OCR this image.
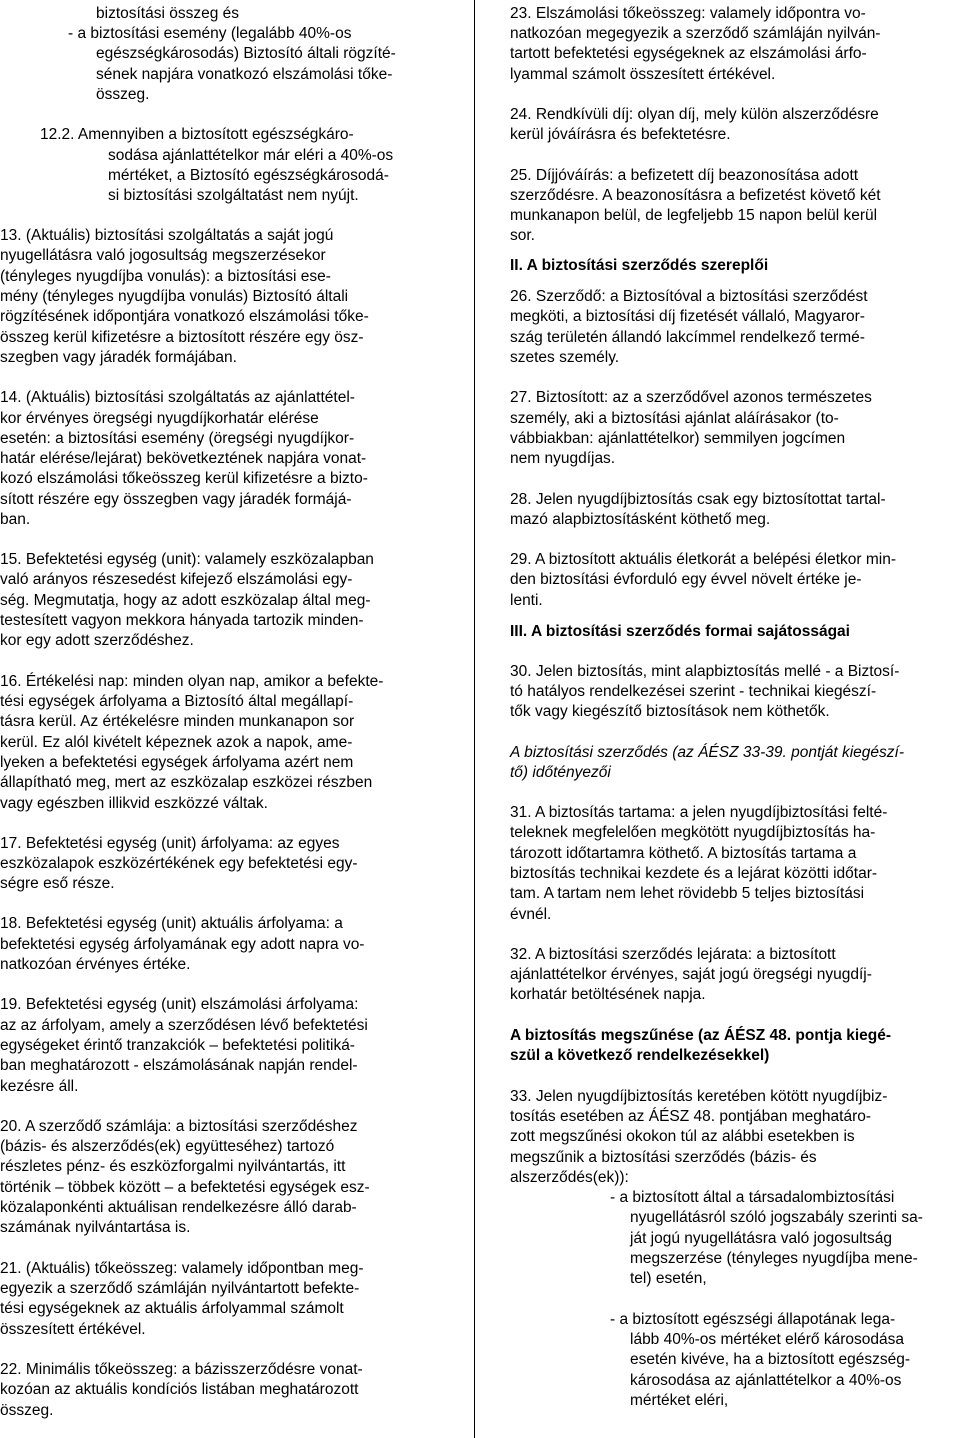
biztosítási összeg és
- a biztosítási esemény (legalább 40%-os
egészségkárosodás) Biztosító általi rögzíté-
sének napjára vonatkozó elszámolási tőke-
összeg.
12.2. Amennyiben a biztosított egészségkáro-
sodása ajánlattételkor már eléri a 40%-os
mértéket, a Biztosító egészségkárosodá-
si biztosítási szolgáltatást nem nyújt.
13. (Aktuális) biztosítási szolgáltatás a saját jogú
nyugellátásra való jogosultság megszerzésekor
(tényleges nyugdíjba vonulás): a biztosítási ese-
mény (tényleges nyugdíjba vonulás) Biztosító általi
rögzítésének időpontjára vonatkozó elszámolási tőke-
összeg kerül kifizetésre a biztosított részére egy ösz-
szegben vagy járadék formájában.
14. (Aktuális) biztosítási szolgáltatás az ajánlattétel-
kor érvényes öregségi nyugdíjkorhatár elérése
esetén: a biztosítási esemény (öregségi nyugdíjkor-
határ elérése/lejárat) bekövetkeztének napjára vonat-
kozó elszámolási tőkeösszeg kerül kifizetésre a bizto-
sított részére egy összegben vagy járadék formájá-
ban.
15. Befektetési egység (unit): valamely eszközalapban
való arányos részesedést kifejező elszámolási egy-
ség. Megmutatja, hogy az adott eszközalap által meg-
testesített vagyon mekkora hányada tartozik minden-
kor egy adott szerződéshez.
16. Értékelési nap: minden olyan nap, amikor a befekte-
tési egységek árfolyama a Biztosító által megállapí-
tásra kerül. Az értékelésre minden munkanapon sor
kerül. Ez alól kivételt képeznek azok a napok, ame-
lyeken a befektetési egységek árfolyama azért nem
állapítható meg, mert az eszközalap eszközei részben
vagy egészben illikvid eszközzé váltak.
17. Befektetési egység (unit) árfolyama: az egyes
eszközalapok eszközértékének egy befektetési egy-
ségre eső része.
18. Befektetési egység (unit) aktuális árfolyama: a
befektetési egység árfolyamának egy adott napra vo-
natkozóan érvényes értéke.
19. Befektetési egység (unit) elszámolási árfolyama:
az az árfolyam, amely a szerződésen lévő befektetési
egységeket érintő tranzakciók – befektetési politiká-
ban meghatározott - elszámolásának napján rendel-
kezésre áll.
20. A szerződő számlája: a biztosítási szerződéshez
(bázis- és alszerződés(ek) együtteséhez) tartozó
részletes pénz- és eszközforgalmi nyilvántartás, itt
történik – többek között – a befektetési egységek esz-
közalaponkénti aktuálisan rendelkezésre álló darab-
számának nyilvántartása is.
21. (Aktuális) tőkeösszeg: valamely időpontban meg-
egyezik a szerződő számláján nyilvántartott befekte-
tési egységeknek az aktuális árfolyammal számolt
összesített értékével.
22. Minimális tőkeösszeg: a bázisszerződésre vonat-
kozóan az aktuális kondíciós listában meghatározott
összeg.
23. Elszámolási tőkeösszeg: valamely időpontra vo-
natkozóan megegyezik a szerződő számláján nyilván-
tartott befektetési egységeknek az elszámolási árfo-
lyammal számolt összesített értékével.
24. Rendkívüli díj: olyan díj, mely külön alszerződésre
kerül jóváírásra és befektetésre.
25. Díjjóváírás: a befizetett díj beazonosítása adott
szerződésre. A beazonosításra a befizetést követő két
munkanapon belül, de legfeljebb 15 napon belül kerül
sor.
II. A biztosítási szerződés szereplői
26. Szerződő: a Biztosítóval a biztosítási szerződést
megköti, a biztosítási díj fizetését vállaló, Magyaror-
szág területén állandó lakcímmel rendelkező termé-
szetes személy.
27. Biztosított: az a szerződővel azonos természetes
személy, aki a biztosítási ajánlat aláírásakor (to-
vábbiakban: ajánlattételkor) semmilyen jogcímen
nem nyugdíjas.
28. Jelen nyugdíjbiztosítás csak egy biztosítottat tartal-
mazó alapbiztosításként köthető meg.
29. A biztosított aktuális életkorát a belépési életkor min-
den biztosítási évforduló egy évvel növelt értéke je-
lenti.
III. A biztosítási szerződés formai sajátosságai
30. Jelen biztosítás, mint alapbiztosítás mellé - a Biztosí-
tó hatályos rendelkezései szerint - technikai kiegészí-
tők vagy kiegészítő biztosítások nem köthetők.
A biztosítási szerződés (az ÁÉSZ 33-39. pontját kiegészí-
tő) időtényezői
31. A biztosítás tartama: a jelen nyugdíjbiztosítási felté-
teleknek megfelelően megkötött nyugdíjbiztosítás ha-
tározott időtartamra köthető. A biztosítás tartama a
biztosítás technikai kezdete és a lejárat közötti időtar-
tam. A tartam nem lehet rövidebb 5 teljes biztosítási
évnél.
32. A biztosítási szerződés lejárata: a biztosított
ajánlattételkor érvényes, saját jogú öregségi nyugdíj-
korhatár betöltésének napja.
A biztosítás megszűnése (az ÁÉSZ 48. pontja kiegé-
szül a következő rendelkezésekkel)
33. Jelen nyugdíjbiztosítás keretében kötött nyugdíjbiz-
tosítás esetében az ÁÉSZ 48. pontjában meghatáro-
zott megszűnési okokon túl az alábbi esetekben is
megszűnik a biztosítási szerződés (bázis- és
alszerződés(ek)):
- a biztosított által a társadalombiztosítási
nyugellátásról szóló jogszabály szerinti sa-
ját jogú nyugellátásra való jogosultság
megszerzése (tényleges nyugdíjba mene-
tel) esetén,
- a biztosított egészségi állapotának lega-
lább 40%-os mértéket elérő károsodása
esetén kivéve, ha a biztosított egészség-
károsodása az ajánlattételkor a 40%-os
mértéket eléri,
